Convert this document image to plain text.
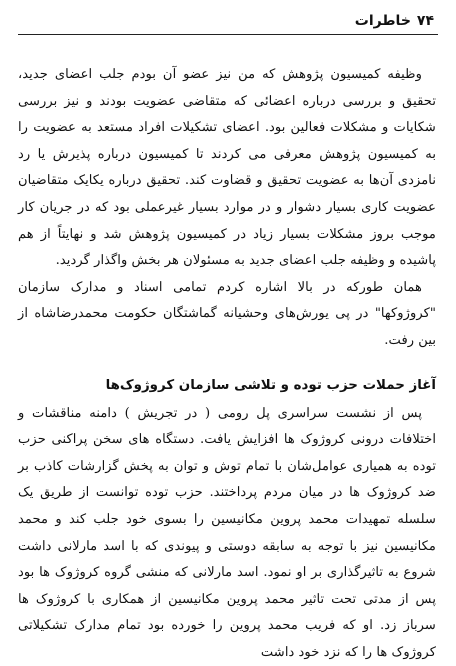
۷۴
خاطرات

وظیفه کمیسیون پژوهش که من نیز عضو آن بودم جلب اعضای جدید، تحقیق و بررسی درباره اعضائی که متقاضی عضویت بودند و نیز بررسی شکایات و مشکلات فعالین بود. اعضای تشکیلات افراد مستعد به عضویت را به کمیسیون پژوهش معرفی می کردند تا کمیسیون درباره پذیرش یا رد نامزدی آن‌ها به عضویت تحقیق و قضاوت کند. تحقیق درباره یکایک متقاضیان عضویت کاری بسیار دشوار و در موارد بسیار غیرعملی بود که در جریان کار موجب بروز مشکلات بسیار زیاد در کمیسیون پژوهش شد و نهایتاً از هم پاشیده و وظیفه جلب اعضای جدید به مسئولان هر بخش واگذار گردید.

همان طورکه در بالا اشاره کردم تمامی اسناد و مدارک سازمان "کروژوکها" در پی یورش‌های وحشیانه گماشتگان حکومت محمدرضاشاه از بین رفت.

آغاز حملات حزب توده و تلاشی سازمان کروژوک‌ها

پس از نشست سراسری پل رومی ( در تجریش ) دامنه مناقشات و اختلافات درونی کروژوک ها افزایش یافت. دستگاه های سخن پراکنی حزب توده به همیاری عوامل‌شان با تمام توش و توان به پخش گزارشات کاذب بر ضد کروژوک ها در میان مردم پرداختند. حزب توده توانست از طریق یک سلسله تمهیدات محمد پروین مکانیسین را بسوی خود جلب کند و محمد مکانیسین نیز با توجه به سابقه دوستی و پیوندی که با اسد مارلانی داشت شروع به تاثیرگذاری بر او نمود. اسد مارلانی که منشی گروه کروژوک ها بود پس از مدتی تحت تاثیر محمد پروین مکانیسین از همکاری با کروژوک ها سرباز زد. او که فریب محمد پروین را خورده بود تمام مدارک تشکیلاتی کروژوک ها را که نزد خود داشت
